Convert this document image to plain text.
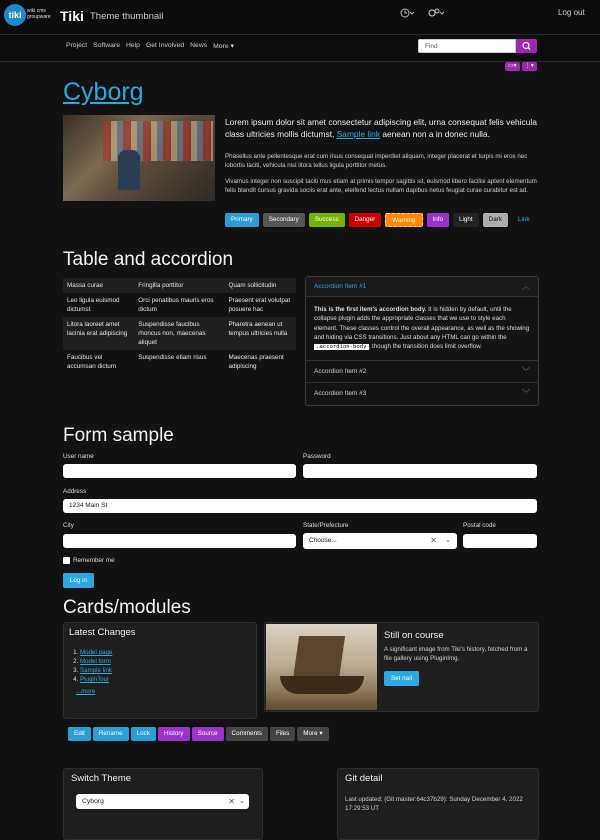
tiki	wiki cms groupware Tiki Theme thumbnail	Log out
Project Software Help Get Involved News More ▾	Find
▭▾	⋮▾
Cyborg
Lorem ipsum dolor sit amet consectetur adipiscing elit, urna consequat felis vehicula class ultricies mollis dictumst, Sample link aenean non a in donec nulla.
Phasellus ante pellentesque erat cum risus consequat imperdiet aliquam, integer placerat et turpis mi eros nec lobortis taciti, vehicula nisl litora tellus ligula porttitor metus.
Vivamus integer non suscipit taciti mus etiam at primis tempor sagittis sit, euismod libero facilisi aptent elementum felis blandit cursus gravida sociis erat ante, eleifend lectus nullam dapibus netus feugiat curae curabitur est ad.
Primary	Secondary	Success	Danger	Warning	Info	Light	Dark	Link
Table and accordion
Massa curae	Fringilla porttitor	Quam sollicitudin
Leo ligula euismod dictumst	Orci penatibus mauris eros dictum	Praesent erat volutpat posuere hac
Litora laoreet amet lacinia erat adipiscing	Suspendisse faucibus rhoncus non, maecenas aliquet	Pharetra aenean ut tempus ultricies nulla
Faucibus vel accumsan dictum	Suspendisse etiam risus	Maecenas praesent adipiscing
Accordion Item #1	︿
This is the first item's accordion body. It is hidden by default, until the collapse plugin adds the appropriate classes that we use to style each element. These classes control the overall appearance, as well as the showing and hiding via CSS transitions. Just about any HTML can go within the .accordion-body , though the transition does limit overflow.
Accordion Item #2	﹀
Accordion Item #3	﹀
Form sample
User name	Password
Address
1234 Main St
City	State/Prefecture
Choose...	✕ ⌄
Postal code
Remember me
Log in
Cards/modules
Latest Changes
1. Model page
2. Model form
3. Sample link
4. PluginTour
...more
Still on course
A significant image from Tiki's history, fetched from a file gallery using PluginImg.
Set nail
Edit	Rename	Lock	History	Source	Comments	Files	More ▾
Switch Theme
Cyborg	✕ ⌄
Git detail
Last updated: (Git master:64c37b29): Sunday December 4, 2022 17:29:53 UT
